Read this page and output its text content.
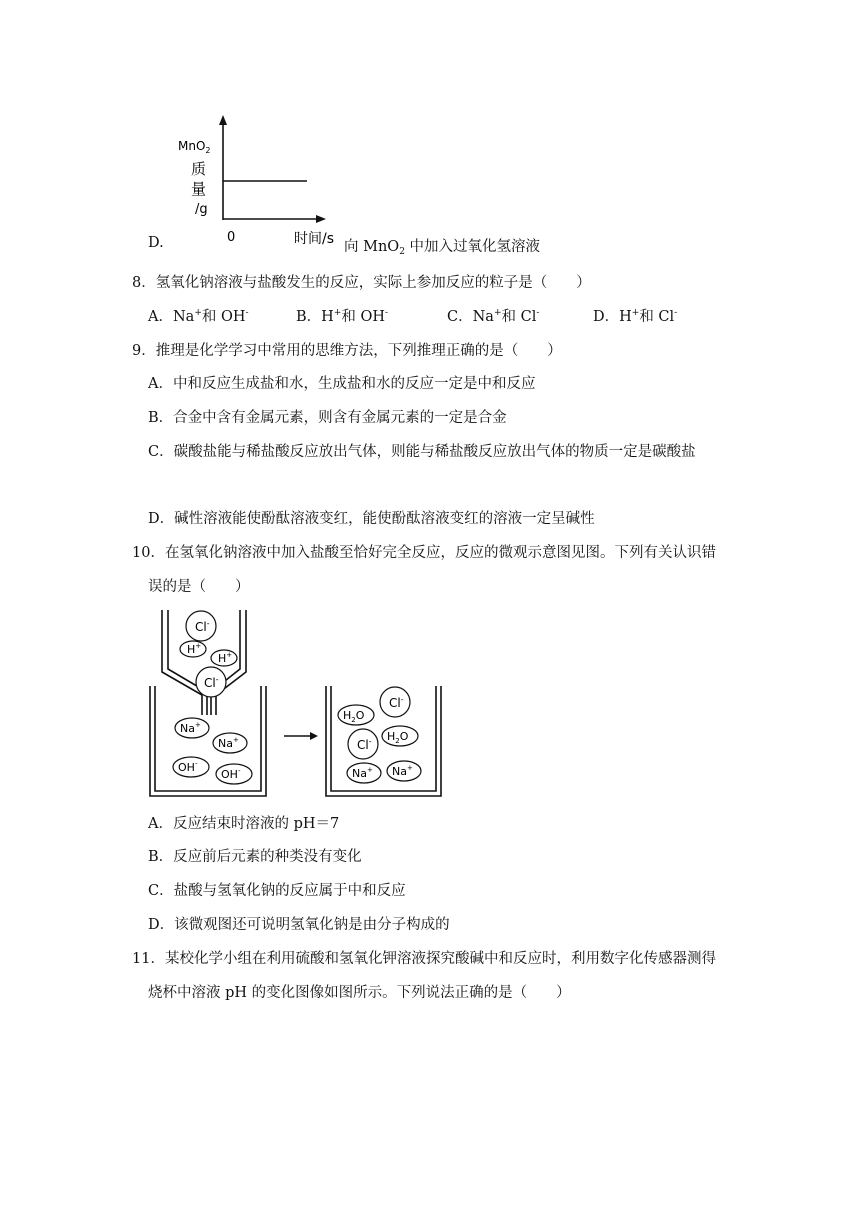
MnO$_2$
质
量
/g
0	时间/s
D.	向 MnO$_2$ 中加入过氧化氢溶液
8．氢氧化钠溶液与盐酸发生的反应，实际上参加反应的粒子是（　　）
A．Na+和 OH-	B．H+和 OH-	C．Na+和 Cl-	D．H+和 Cl-
9．推理是化学学习中常用的思维方法，下列推理正确的是（　　）
A．中和反应生成盐和水，生成盐和水的反应一定是中和反应
B．合金中含有金属元素，则含有金属元素的一定是合金
C．碳酸盐能与稀盐酸反应放出气体，则能与稀盐酸反应放出气体的物质一定是碳酸盐
D．碱性溶液能使酚酞溶液变红，能使酚酞溶液变红的溶液一定呈碱性
10．在氢氧化钠溶液中加入盐酸至恰好完全反应，反应的微观示意图见图。下列有关认识错
误的是（　　）
Cl-
H+
H+
Cl-
Na+
Na+
OH-
OH-
Cl-
$H_2O$
Cl- $H_2O$
Na+ Na+
A．反应结束时溶液的 pH＝7
B．反应前后元素的种类没有变化
C．盐酸与氢氧化钠的反应属于中和反应
D．该微观图还可说明氢氧化钠是由分子构成的
11．某校化学小组在利用硫酸和氢氧化钾溶液探究酸碱中和反应时，利用数字化传感器测得
烧杯中溶液 pH 的变化图像如图所示。下列说法正确的是（　　）
